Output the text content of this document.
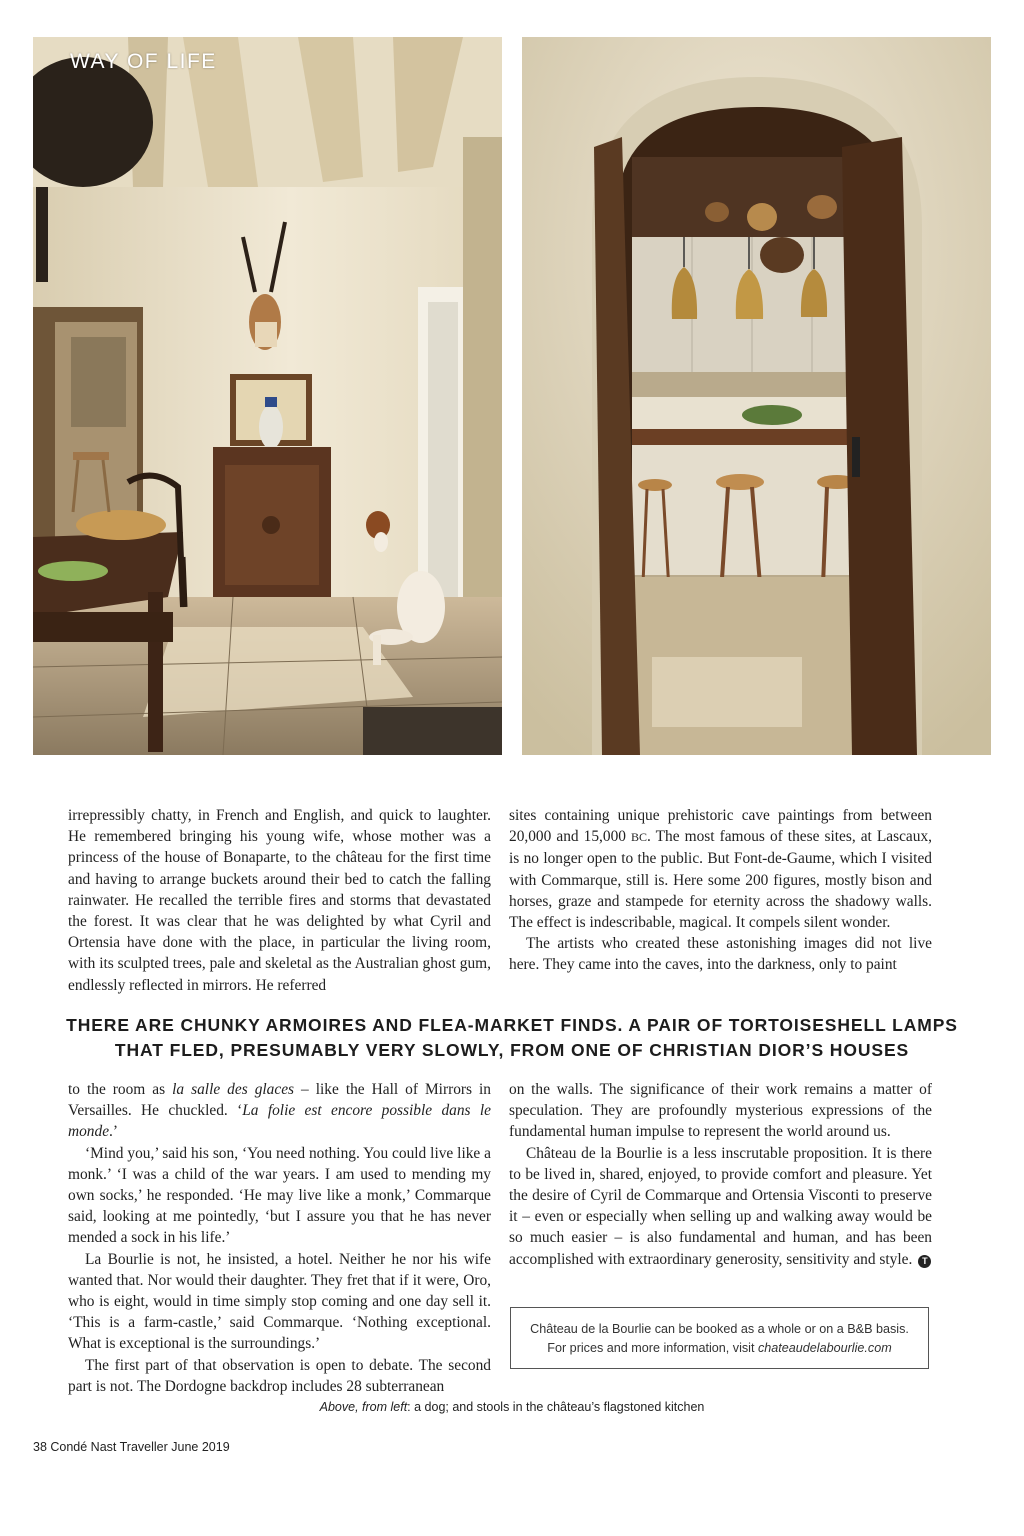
WAY OF LIFE

irrepressibly chatty, in French and English, and quick to laughter. He remembered bringing his young wife, whose mother was a princess of the house of Bonaparte, to the château for the first time and having to arrange buckets around their bed to catch the falling rainwater. He recalled the terrible fires and storms that devastated the forest. It was clear that he was delighted by what Cyril and Ortensia have done with the place, in particular the living room, with its sculpted trees, pale and skeletal as the Australian ghost gum, endlessly reflected in mirrors. He referred

sites containing unique prehistoric cave paintings from between 20,000 and 15,000 BC. The most famous of these sites, at Lascaux, is no longer open to the public. But Font-de-Gaume, which I visited with Commarque, still is. Here some 200 figures, mostly bison and horses, graze and stampede for eternity across the shadowy walls. The effect is indescribable, magical. It compels silent wonder.

The artists who created these astonishing images did not live here. They came into the caves, into the darkness, only to paint

THERE ARE CHUNKY ARMOIRES AND FLEA-MARKET FINDS. A PAIR OF TORTOISESHELL LAMPS
THAT FLED, PRESUMABLY VERY SLOWLY, FROM ONE OF CHRISTIAN DIOR’S HOUSES

to the room as la salle des glaces – like the Hall of Mirrors in Versailles. He chuckled. ‘La folie est encore possible dans le monde.’

‘Mind you,’ said his son, ‘You need nothing. You could live like a monk.’ ‘I was a child of the war years. I am used to mending my own socks,’ he responded. ‘He may live like a monk,’ Commarque said, looking at me pointedly, ‘but I assure you that he has never mended a sock in his life.’

La Bourlie is not, he insisted, a hotel. Neither he nor his wife wanted that. Nor would their daughter. They fret that if it were, Oro, who is eight, would in time simply stop coming and one day sell it. ‘This is a farm-castle,’ said Commarque. ‘Nothing exceptional. What is exceptional is the surroundings.’

The first part of that observation is open to debate. The second part is not. The Dordogne backdrop includes 28 subterranean

on the walls. The significance of their work remains a matter of speculation. They are profoundly mysterious expressions of the fundamental human impulse to represent the world around us.

Château de la Bourlie is a less inscrutable proposition. It is there to be lived in, shared, enjoyed, to provide comfort and pleasure. Yet the desire of Cyril de Commarque and Ortensia Visconti to preserve it – even or especially when selling up and walking away would be so much easier – is also fundamental and human, and has been accomplished with extraordinary generosity, sensitivity and style. T

Château de la Bourlie can be booked as a whole or on a B&B basis.
For prices and more information, visit chateaudelabourlie.com
Above, from left: a dog; and stools in the château’s flagstoned kitchen
38 Condé Nast Traveller June 2019
